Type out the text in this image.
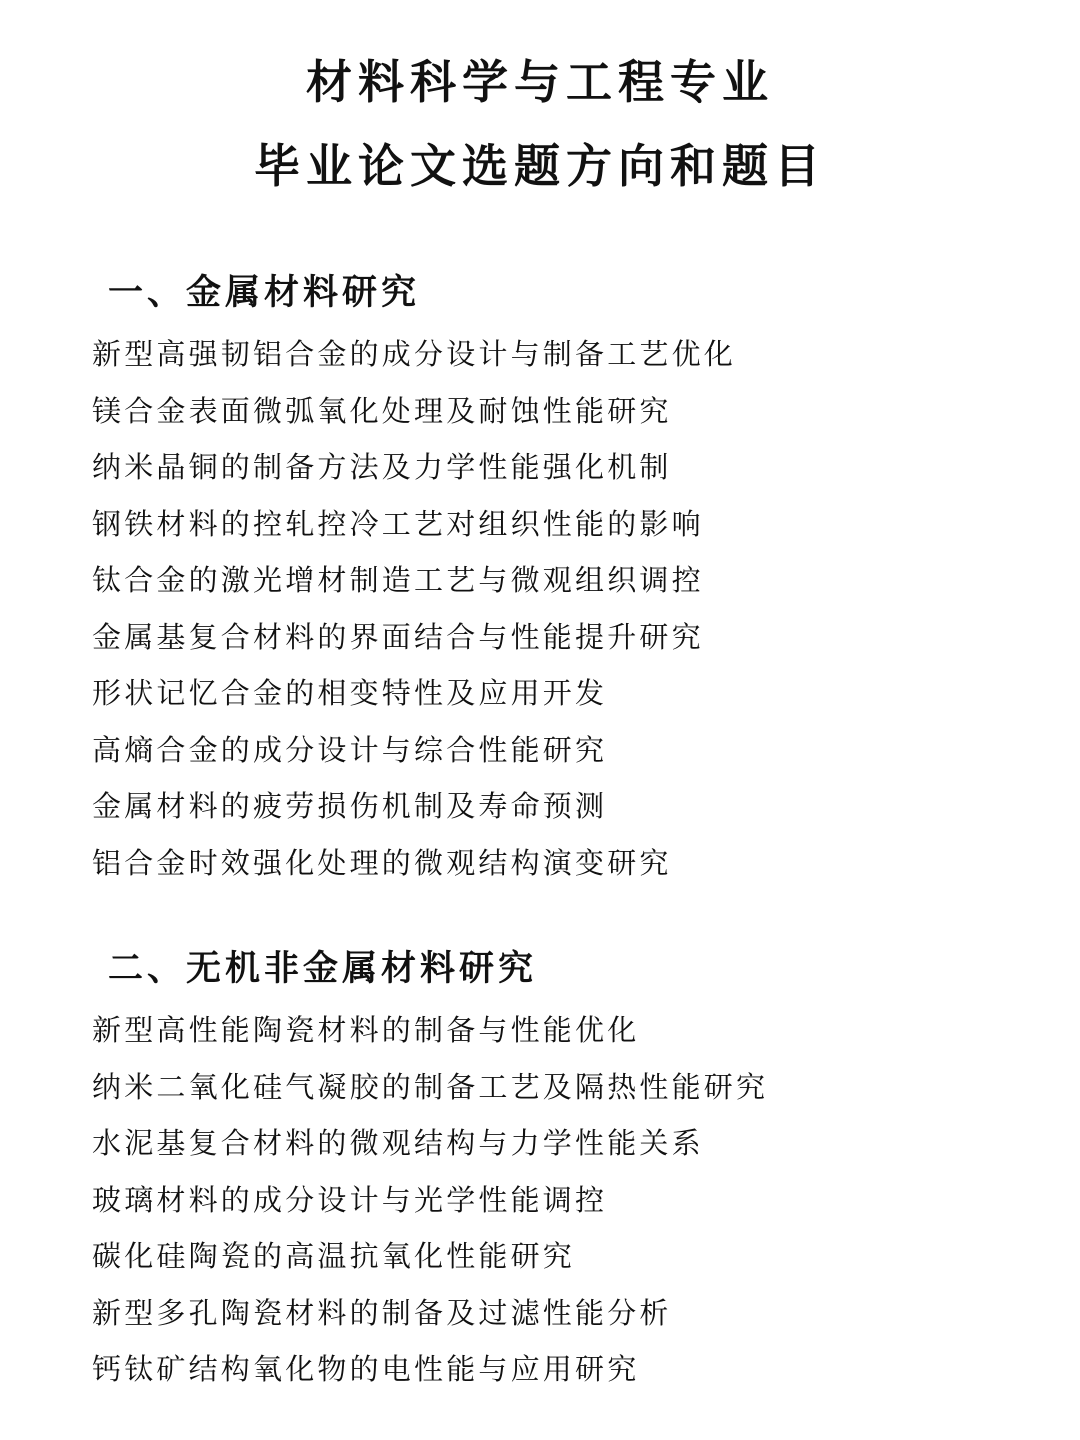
材料科学与工程专业
毕业论文选题方向和题目
一、金属材料研究
新型高强韧铝合金的成分设计与制备工艺优化
镁合金表面微弧氧化处理及耐蚀性能研究
纳米晶铜的制备方法及力学性能强化机制
钢铁材料的控轧控冷工艺对组织性能的影响
钛合金的激光增材制造工艺与微观组织调控
金属基复合材料的界面结合与性能提升研究
形状记忆合金的相变特性及应用开发
高熵合金的成分设计与综合性能研究
金属材料的疲劳损伤机制及寿命预测
铝合金时效强化处理的微观结构演变研究
二、无机非金属材料研究
新型高性能陶瓷材料的制备与性能优化
纳米二氧化硅气凝胶的制备工艺及隔热性能研究
水泥基复合材料的微观结构与力学性能关系
玻璃材料的成分设计与光学性能调控
碳化硅陶瓷的高温抗氧化性能研究
新型多孔陶瓷材料的制备及过滤性能分析
钙钛矿结构氧化物的电性能与应用研究
